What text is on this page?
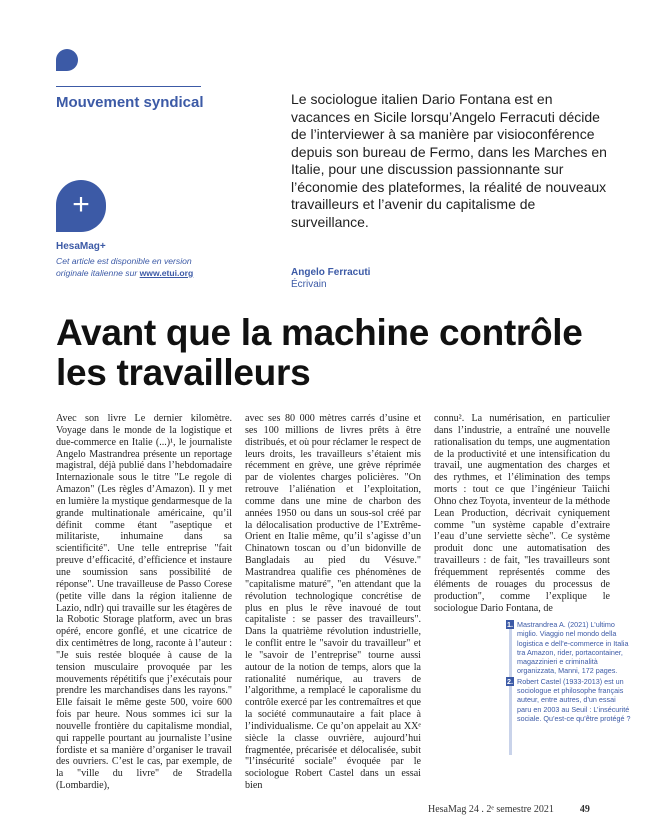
Mouvement syndical	Le sociologue italien Dario Fontana est en vacances en Sicile lorsqu’Angelo Ferracuti décide de l’interviewer à sa manière par visioconférence depuis son bureau de Fermo, dans les Marches en Italie, pour une discussion passionnante sur l’économie des plateformes, la réalité de nouveaux travailleurs et l’avenir du capitalisme de surveillance.
+
HesaMag+
Cet article est disponible en version originale italienne sur www.etui.org	Angelo Ferracuti
Écrivain
Avant que la machine contrôle les travailleurs

Avec son livre Le dernier kilomètre. Voyage dans le monde de la logistique et due-commerce en Italie (...)¹, le journaliste Angelo Mastrandrea présente un reportage magistral, déjà publié dans l’hebdomadaire Internazionale sous le titre "Le regole di Amazon" (Les règles d’Amazon). Il y met en lumière la mystique gendarmesque de la grande multinationale américaine, qu’il définit comme étant "aseptique et militariste, inhumaine dans sa scientificité". Une telle entreprise "fait preuve d’efficacité, d’efficience et instaure une soumission sans possibilité de réponse". Une travailleuse de Passo Corese (petite ville dans la région italienne de Lazio, ndlr) qui travaille sur les étagères de la Robotic Storage platform, avec un bras opéré, encore gonflé, et une cicatrice de dix centimètres de long, raconte à l’auteur : "Je suis restée bloquée à cause de la tension musculaire provoquée par les mouvements répétitifs que j’exécutais pour prendre les marchandises dans les rayons." Elle faisait le même geste 500, voire 600 fois par heure. Nous sommes ici sur la nouvelle frontière du capitalisme mondial, qui rappelle pourtant au journaliste l’usine fordiste et sa manière d’organiser le travail des ouvriers. C’est le cas, par exemple, de la "ville du livre" de Stradella (Lombardie),

avec ses 80 000 mètres carrés d’usine et ses 100 millions de livres prêts à être distribués, et où pour réclamer le respect de leurs droits, les travailleurs s’étaient mis récemment en grève, une grève réprimée par de violentes charges policières. "On retrouve l’aliénation et l’exploitation, comme dans une mine de charbon des années 1950 ou dans un sous-sol créé par la délocalisation productive de l’Extrême-Orient en Italie même, qu’il s’agisse d’un Chinatown toscan ou d’un bidonville de Bangladais au pied du Vésuve." Mastrandrea qualifie ces phénomènes de "capitalisme maturé", "en attendant que la révolution technologique concrétise de plus en plus le rêve inavoué de tout capitaliste : se passer des travailleurs". Dans la quatrième révolution industrielle, le conflit entre le "savoir du travailleur" et le "savoir de l’entreprise" tourne aussi autour de la notion de temps, alors que la rationalité numérique, au travers de l’algorithme, a remplacé le caporalisme du contrôle exercé par les contremaîtres et que la société communautaire a fait place à l’individualisme. Ce qu’on appelait au XXᵉ siècle la classe ouvrière, aujourd’hui fragmentée, précarisée et délocalisée, subit "l’insécurité sociale" évoquée par le sociologue Robert Castel dans un essai bien

connu². La numérisation, en particulier dans l’industrie, a entraîné une nouvelle rationalisation du temps, une augmentation de la productivité et une intensification du travail, une augmentation des charges et des rythmes, et l’élimination des temps morts : tout ce que l’ingénieur Taiichi Ohno chez Toyota, inventeur de la méthode Lean Production, décrivait cyniquement comme "un système capable d’extraire l’eau d’une serviette sèche". Ce système produit donc une automatisation des travailleurs : de fait, "les travailleurs sont fréquemment représentés comme des éléments de rouages du processus de production", comme l’explique le sociologue Dario Fontana, de

1. Mastrandrea A. (2021) L’ultimo miglio. Viaggio nel mondo della logistica e dell’e-commerce in Italia tra Amazon, rider, portacontainer, magazzinieri e criminalità organizzata, Manni, 172 pages.
2. Robert Castel (1933-2013) est un sociologue et philosophe français auteur, entre autres, d’un essai paru en 2003 au Seuil : L’insécurité sociale. Qu’est-ce qu’être protégé ?
HesaMag 24 . 2ᵉ semestre 2021	49
